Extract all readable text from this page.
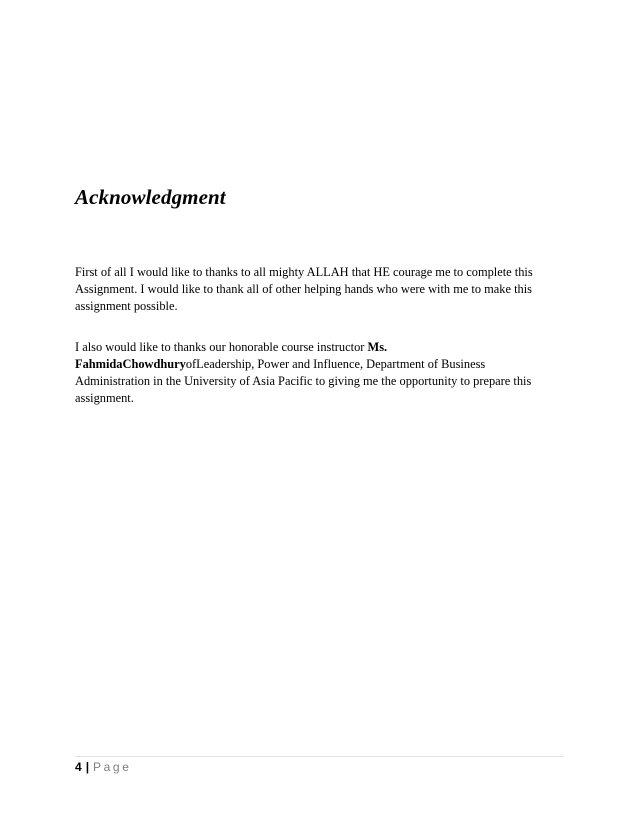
Acknowledgment
First of all I would like to thanks to all mighty ALLAH that HE courage me to complete this
Assignment. I would like to thank all of other helping hands who were with me to make this
assignment possible.
I also would like to thanks our honorable course instructor Ms.
FahmidaChowdhuryofLeadership, Power and Influence, Department of Business
Administration in the University of Asia Pacific to giving me the opportunity to prepare this
assignment.
4 | Page
